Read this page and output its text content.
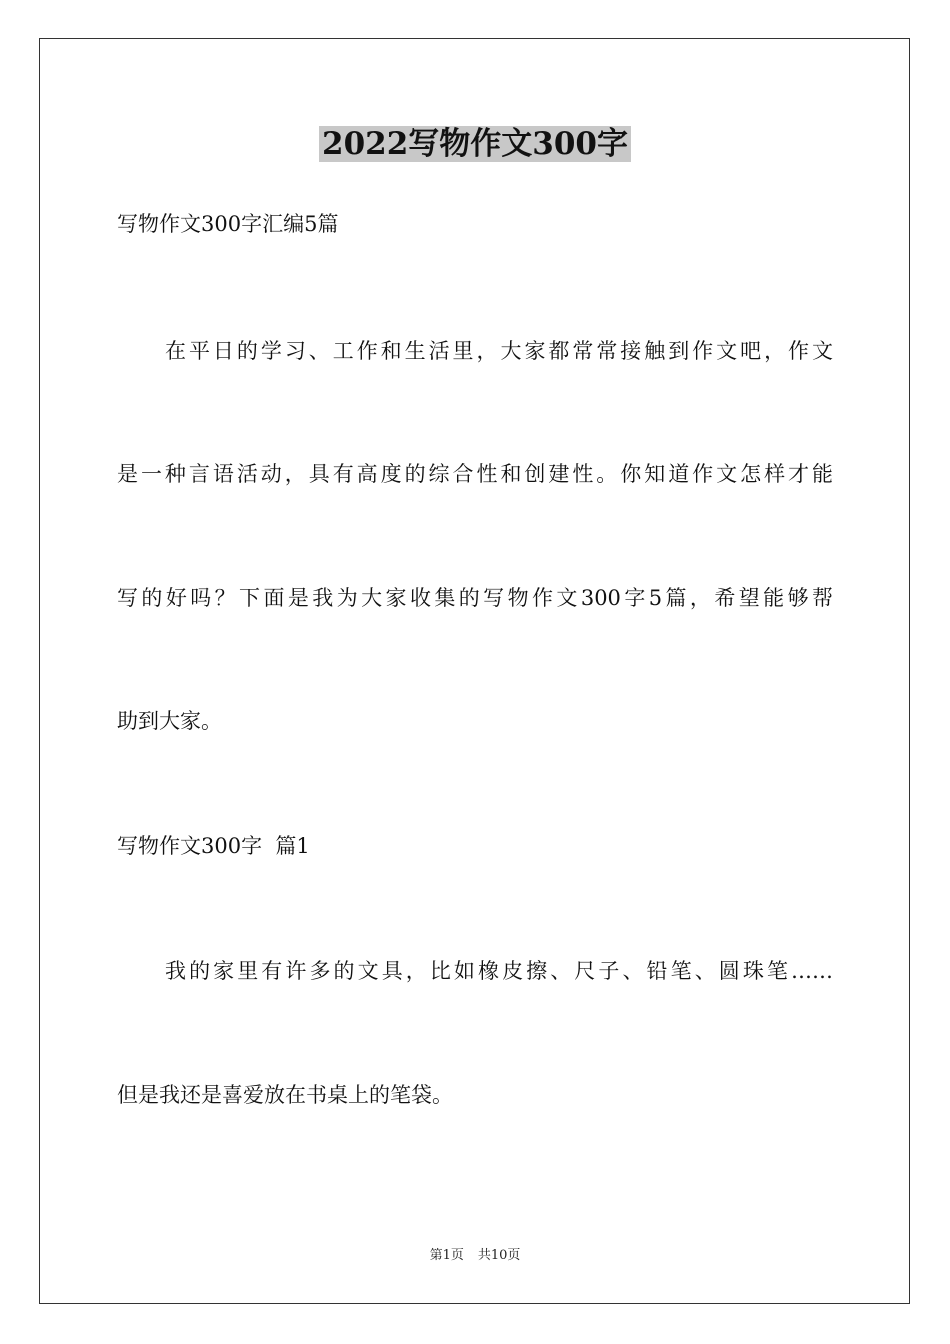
2022写物作文300字
写物作文300字汇编5篇
在平日的学习、工作和生活里，大家都常常接触到作文吧，作文
是一种言语活动，具有高度的综合性和创建性。你知道作文怎样才能
写的好吗？下面是我为大家收集的写物作文300字5篇，希望能够帮
助到大家。
写物作文300字  篇1
我的家里有许多的文具，比如橡皮擦、尺子、铅笔、圆珠笔……
但是我还是喜爱放在书桌上的笔袋。
第1页 共10页
